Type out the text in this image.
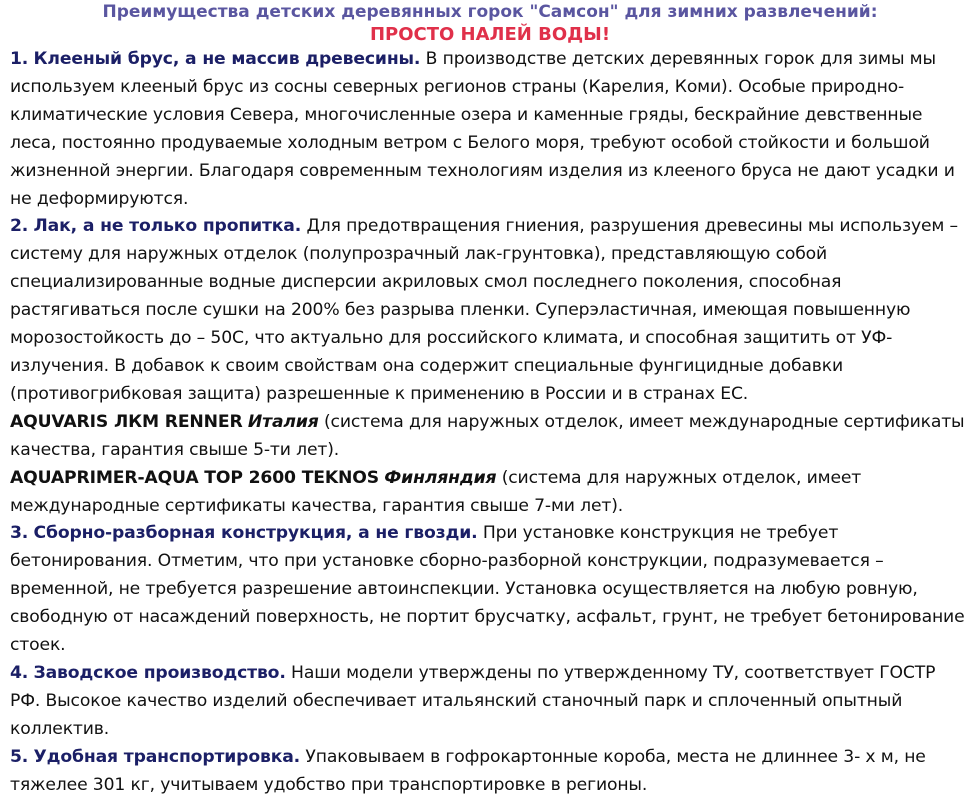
Преимущества детских деревянных горок "Самсон" для зимних развлечений:

ПРОСТО НАЛЕЙ ВОДЫ!

1. Клееный брус, а не массив древесины. В производстве детских деревянных горок для зимы мы используем клееный брус из сосны северных регионов страны (Карелия, Коми). Особые природно-климатические условия Севера, многочисленные озера и каменные гряды, бескрайние девственные леса, постоянно продуваемые холодным ветром с Белого моря, требуют особой стойкости и большой жизненной энергии. Благодаря современным технологиям изделия из клееного бруса не дают усадки и не деформируются.

2. Лак, а не только пропитка. Для предотвращения гниения, разрушения древесины мы используем – систему для наружных отделок (полупрозрачный лак-грунтовка), представляющую собой специализированные водные дисперсии акриловых смол последнего поколения, способная растягиваться после сушки на 200% без разрыва пленки. Суперэластичная, имеющая повышенную морозостойкость до – 50С, что актуально для российского климата, и способная защитить от УФ-излучения. В добавок к своим свойствам она содержит специальные фунгицидные добавки (противогрибковая защита) разрешенные к применению в России и в странах ЕС.

AQUVARIS ЛКМ RENNER Италия (система для наружных отделок, имеет международные сертификаты качества, гарантия свыше 5-ти лет).

AQUAPRIMER-AQUA TOP 2600 TEKNOS Финляндия (система для наружных отделок, имеет международные сертификаты качества, гарантия свыше 7-ми лет).

3. Сборно-разборная конструкция, а не гвозди. При установке конструкция не требует бетонирования. Отметим, что при установке сборно-разборной конструкции, подразумевается – временной, не требуется разрешение автоинспекции. Установка осуществляется на любую ровную, свободную от насаждений поверхность, не портит брусчатку, асфальт, грунт, не требует бетонирование стоек.

4. Заводское производство. Наши модели утверждены по утвержденному ТУ, соответствует ГОСТР РФ. Высокое качество изделий обеспечивает итальянский станочный парк и сплоченный опытный коллектив.

5. Удобная транспортировка. Упаковываем в гофрокартонные короба, места не длиннее 3- х м, не тяжелее 301 кг, учитываем удобство при транспортировке в регионы.
